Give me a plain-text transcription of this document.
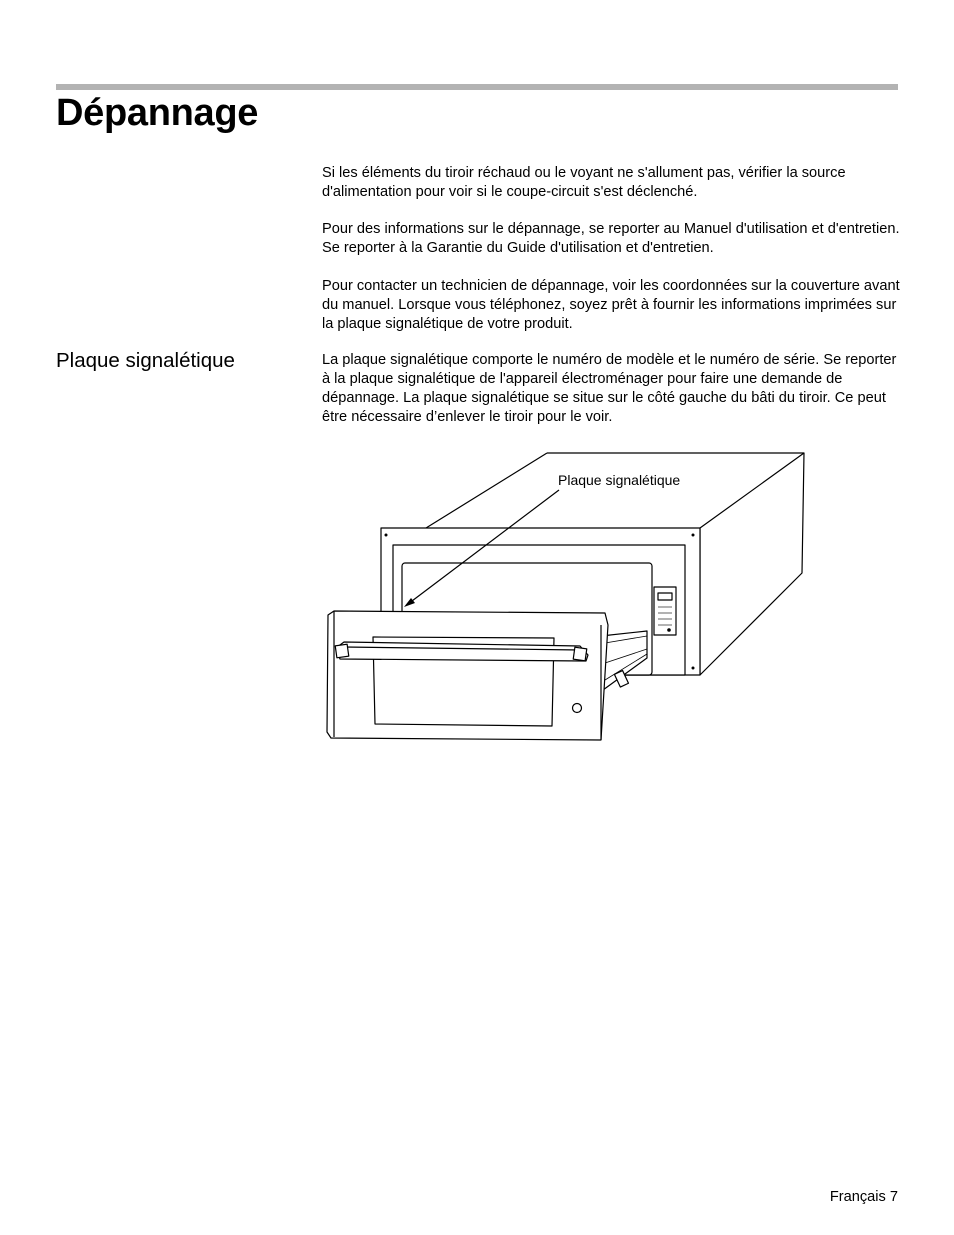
Dépannage

Si les éléments du tiroir réchaud ou le voyant ne s'allument pas, vérifier la source d'alimentation pour voir si le coupe-circuit s'est déclenché.

Pour des informations sur le dépannage, se reporter au Manuel d'utilisation et d'entretien. Se reporter à la Garantie du Guide d'utilisation et d'entretien.

Pour contacter un technicien de dépannage, voir les coordonnées sur la couverture avant du manuel. Lorsque vous téléphonez, soyez prêt à fournir les informations imprimées sur la plaque signalétique de votre produit.

Plaque signalétique	La plaque signalétique comporte le numéro de modèle et le numéro de série. Se reporter à la plaque signalétique de l'appareil électroménager pour faire une demande de dépannage. La plaque signalétique se situe sur le côté gauche du bâti du tiroir. Ce peut être nécessaire d’enlever le tiroir pour le voir.

Plaque signalétique

Français 7
